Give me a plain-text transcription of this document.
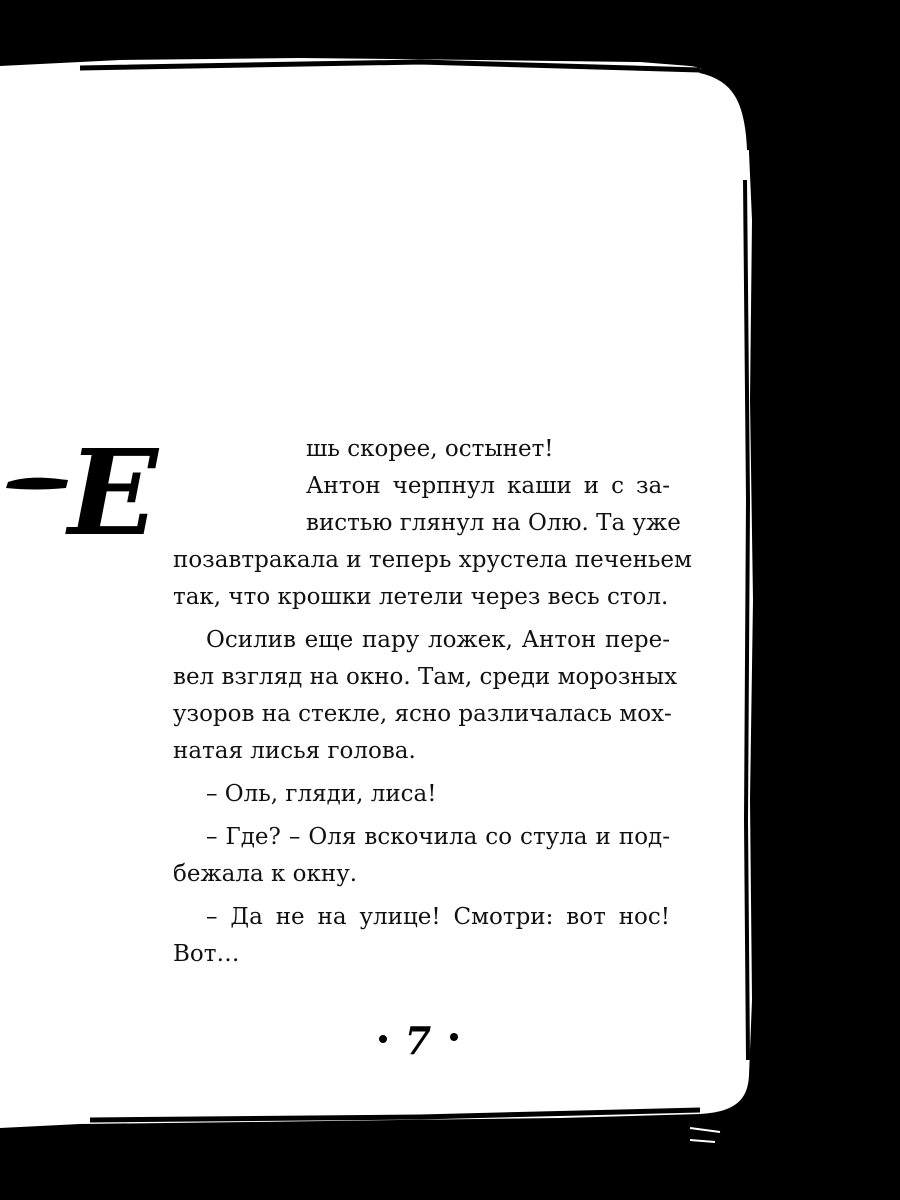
Е	шь скорее, остынет!
Антон черпнул каши и с за-
вистью глянул на Олю. Та уже
позавтракала и теперь хрустела печеньем
так, что крошки летели через весь стол.
Осилив еще пару ложек, Антон пере-
вел взгляд на окно. Там, среди морозных
узоров на стекле, ясно различалась мох-
натая лисья голова.
– Оль, гляди, лиса!
– Где? – Оля вскочила со стула и под-
бежала к окну.
– Да не на улице! Смотри: вот нос!
Вот…
7
